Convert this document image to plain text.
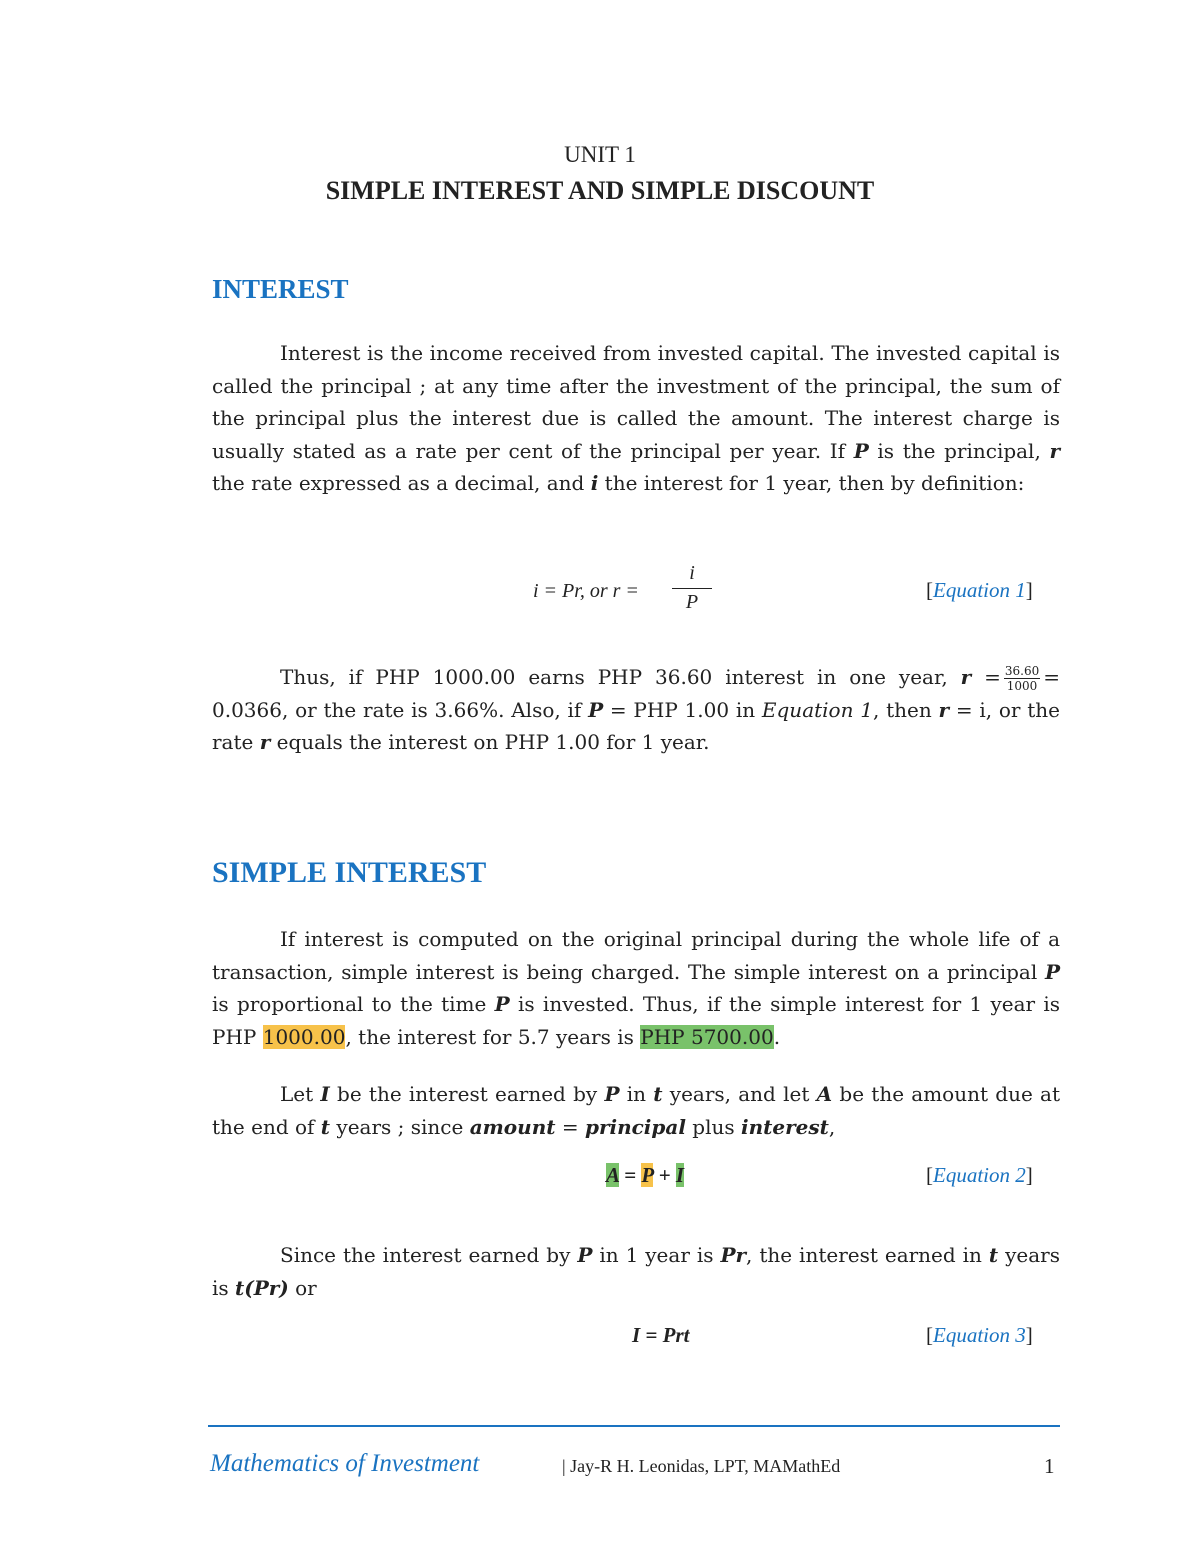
UNIT 1
SIMPLE INTEREST AND SIMPLE DISCOUNT
INTEREST
Interest is the income received from invested capital. The invested capital is called the principal ; at any time after the investment of the principal, the sum of the principal plus the interest due is called the amount. The interest charge is usually stated as a rate per cent of the principal per year. If P is the principal, r the rate expressed as a decimal, and i the interest for 1 year, then by definition:
i = Pr, or r =
i
P	[Equation 1]
Thus, if PHP 1000.00 earns PHP 36.60 interest in one year, $r = \frac{36.60}{1000} = 0.0366$, or the rate is 3.66%. Also, if P = PHP 1.00 in Equation 1, then r = i, or the rate r equals the interest on PHP 1.00 for 1 year.
SIMPLE INTEREST
If interest is computed on the original principal during the whole life of a transaction, simple interest is being charged. The simple interest on a principal P is proportional to the time P is invested. Thus, if the simple interest for 1 year is PHP 1000.00, the interest for 5.7 years is PHP 5700.00.
Let I be the interest earned by P in t years, and let A be the amount due at the end of t years ; since amount = principal plus interest,
A = P + I	[Equation 2]
Since the interest earned by P in 1 year is Pr, the interest earned in t years is t(Pr) or
I = Prt	[Equation 3]
Mathematics of Investment	| Jay-R H. Leonidas, LPT, MAMathEd	1
